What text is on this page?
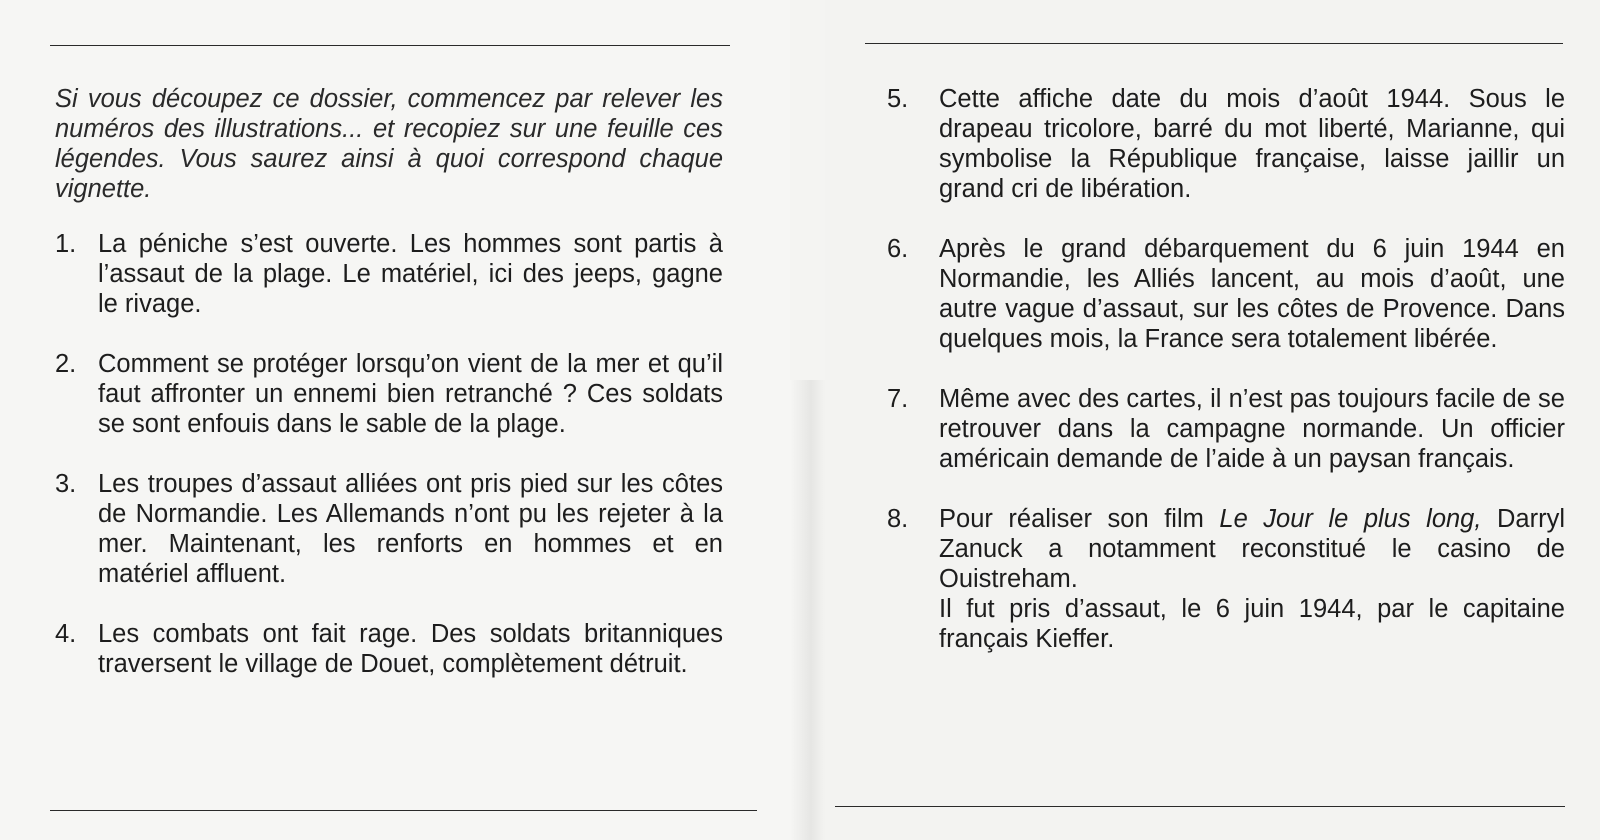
Si vous découpez ce dossier, commencez par relever les numéros des illustrations... et recopiez sur une feuille ces légendes. Vous saurez ainsi à quoi correspond chaque vignette.

1. La péniche s’est ouverte. Les hommes sont partis à l’assaut de la plage. Le matériel, ici des jeeps, gagne le rivage.
2. Comment se protéger lorsqu’on vient de la mer et qu’il faut affronter un ennemi bien retranché ? Ces soldats se sont enfouis dans le sable de la plage.
3. Les troupes d’assaut alliées ont pris pied sur les côtes de Normandie. Les Allemands n’ont pu les rejeter à la mer. Maintenant, les renforts en hommes et en matériel affluent.
4. Les combats ont fait rage. Des soldats britanniques traversent le village de Douet, complètement détruit.
5. Cette affiche date du mois d’août 1944. Sous le drapeau tricolore, barré du mot liberté, Marianne, qui symbolise la République française, laisse jaillir un grand cri de libération.
6. Après le grand débarquement du 6 juin 1944 en Normandie, les Alliés lancent, au mois d’août, une autre vague d’assaut, sur les côtes de Provence. Dans quelques mois, la France sera totalement libérée.
7. Même avec des cartes, il n’est pas toujours facile de se retrouver dans la campagne normande. Un officier américain demande de l’aide à un paysan français.
8. Pour réaliser son film Le Jour le plus long, Darryl Zanuck a notamment reconstitué le casino de Ouistreham.
Il fut pris d’assaut, le 6 juin 1944, par le capitaine français Kieffer.
